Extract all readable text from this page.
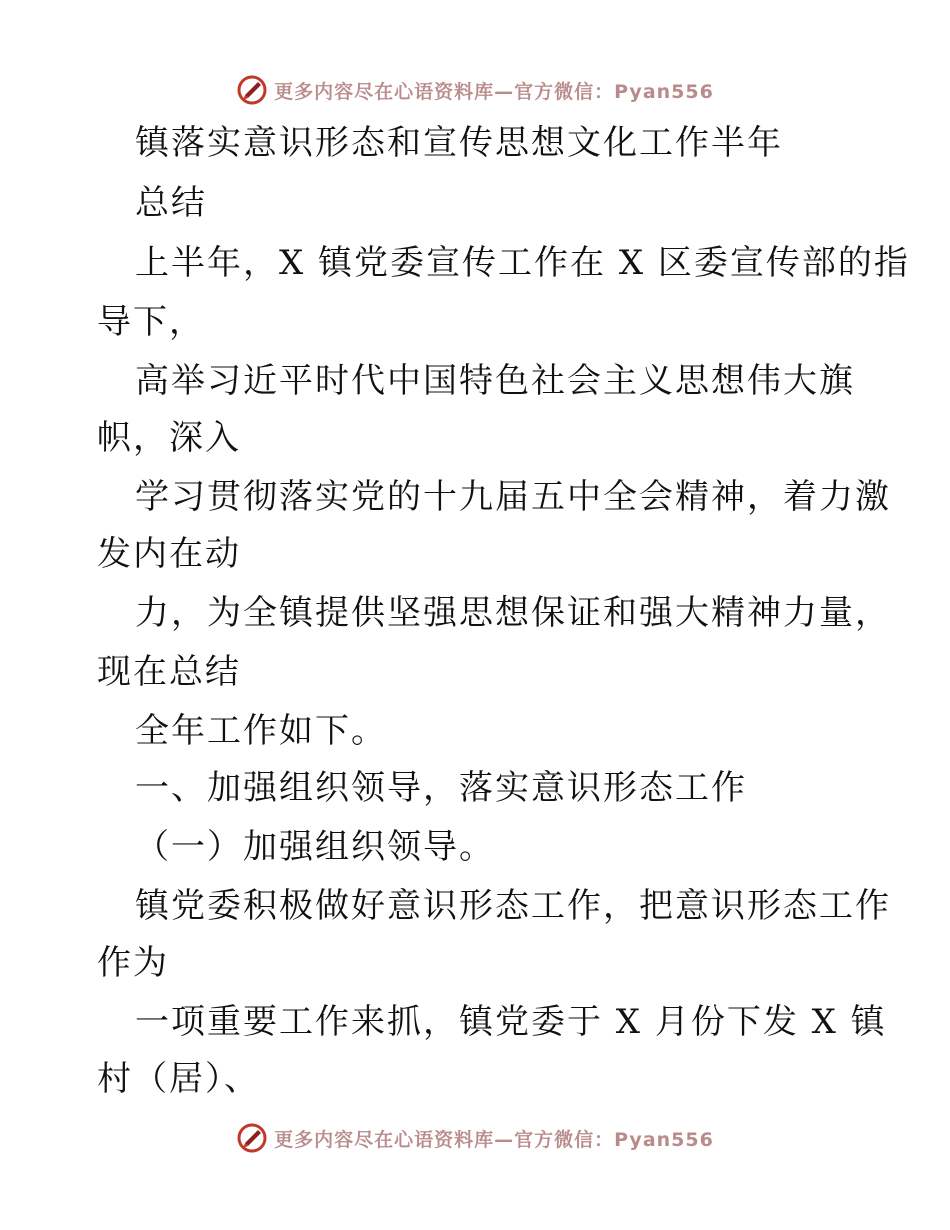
更多内容尽在心语资料库—官方微信：Pyan556
镇落实意识形态和宣传思想文化工作半年
总结
上半年，X 镇党委宣传工作在 X 区委宣传部的指
导下，
高举习近平时代中国特色社会主义思想伟大旗
帜，深入
学习贯彻落实党的十九届五中全会精神，着力激
发内在动
力，为全镇提供坚强思想保证和强大精神力量，
现在总结
全年工作如下。
一、加强组织领导，落实意识形态工作
（一）加强组织领导。
镇党委积极做好意识形态工作，把意识形态工作
作为
一项重要工作来抓，镇党委于 X 月份下发 X 镇
村（居）、
更多内容尽在心语资料库—官方微信：Pyan556
